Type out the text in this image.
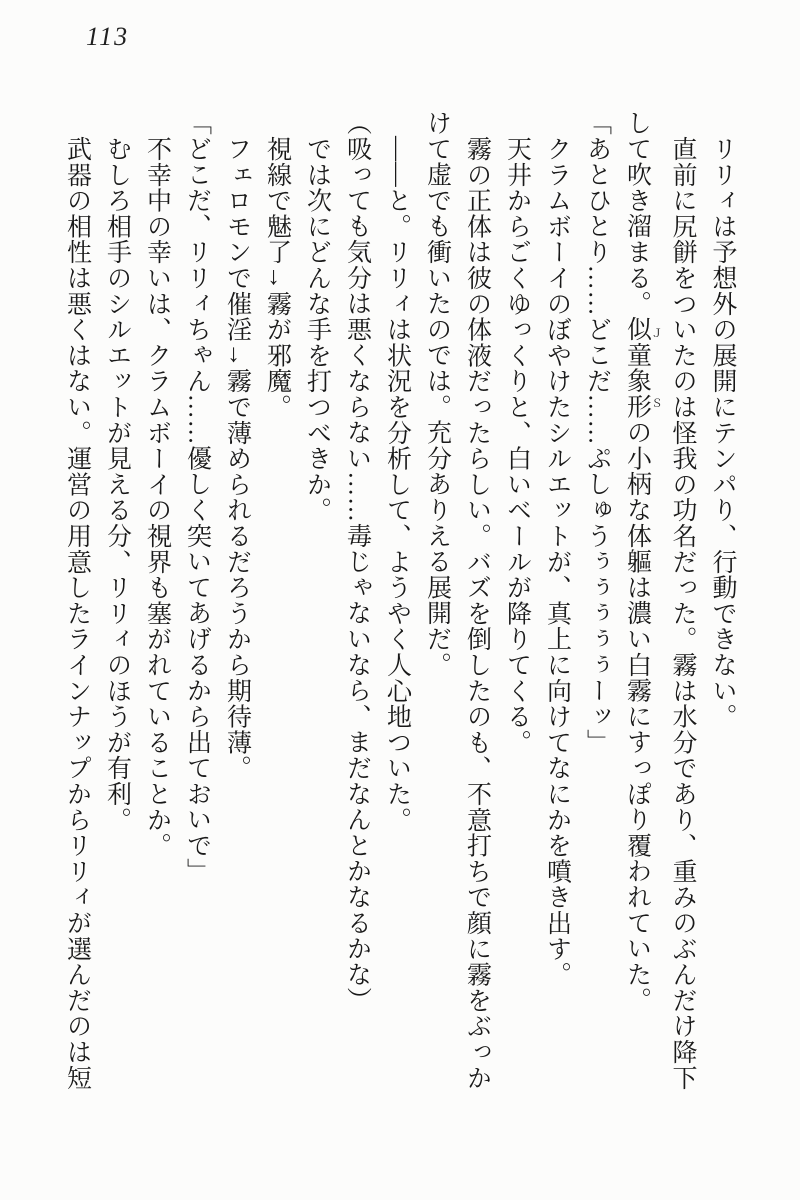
113
リリィは予想外の展開にテンパり、行動できない。
直前に尻餅をついたのは怪我の功名だった。霧は水分であり、重みのぶんだけ降下
して吹き溜まる。似童象形 ＪＳの小柄な体軀は濃い白霧にすっぽり覆われていた。
「あとひとり……どこだ……ぷしゅうぅぅぅぅぅーッ」
クラムボーイのぼやけたシルエットが、真上に向けてなにかを噴き出す。
天井からごくゆっくりと、白いベールが降りてくる。
霧の正体は彼の体液だったらしい。バズを倒したのも、不意打ちで顔に霧をぶっか
けて虚でも衝いたのでは。充分ありえる展開だ。
――と。リリィは状況を分析して、ようやく人心地ついた。
（吸っても気分は悪くならない……毒じゃないなら、まだなんとかなるかな）
では次にどんな手を打つべきか。
視線で魅了→霧が邪魔。
フェロモンで催淫→霧で薄められるだろうから期待薄。
「どこだ、リリィちゃん……優しく突いてあげるから出ておいで」
不幸中の幸いは、クラムボーイの視界も塞がれていることか。
むしろ相手のシルエットが見える分、リリィのほうが有利。
武器の相性は悪くはない。運営の用意したラインナップからリリィが選んだのは短
